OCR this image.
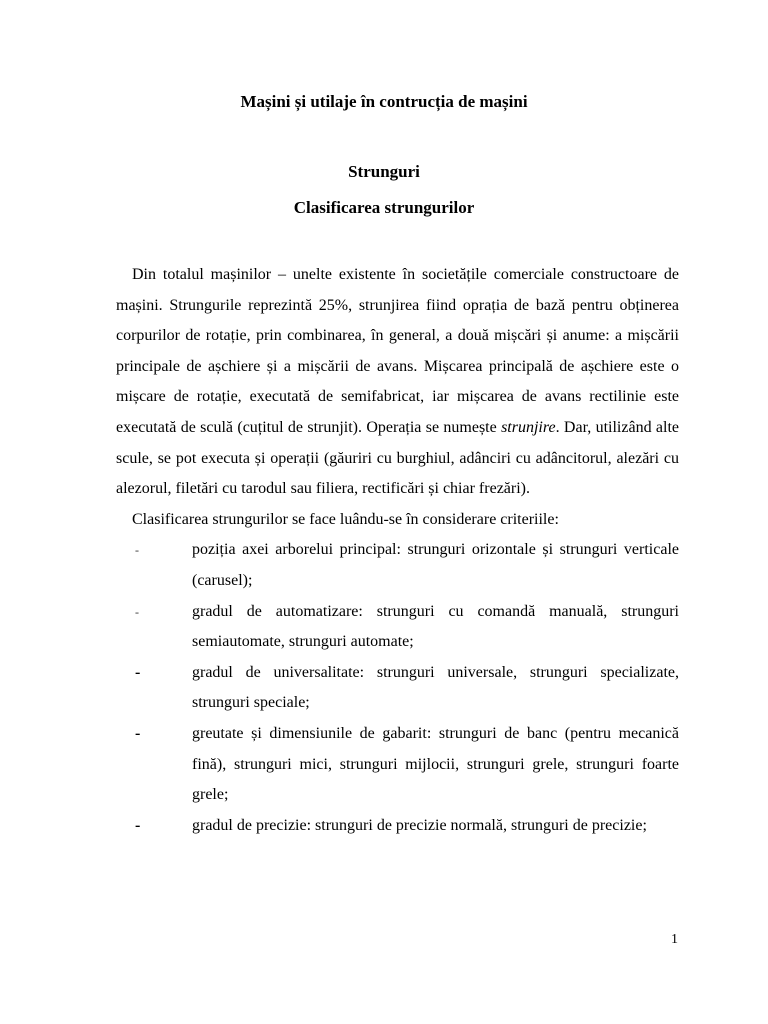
Mașini și utilaje în contrucția de mașini
Strunguri
Clasificarea strungurilor

Din totalul mașinilor – unelte existente în societățile comerciale constructoare de mașini. Strungurile reprezintă 25%, strunjirea fiind oprația de bază pentru obținerea corpurilor de rotație, prin combinarea, în general, a două mișcări și anume: a mișcării principale de așchiere și a mișcării de avans. Mișcarea principală de așchiere este o mișcare de rotație, executată de semifabricat, iar mișcarea de avans rectilinie este executată de sculă (cuțitul de strunjit). Operația se numește strunjire. Dar, utilizând alte scule, se pot executa și operații (găuriri cu burghiul, adânciri cu adâncitorul, alezări cu alezorul, filetări cu tarodul sau filiera, rectificări și chiar frezări).

Clasificarea strungurilor se face luându-se în considerare criteriile:

-	poziția axei arborelui principal: strunguri orizontale și strunguri verticale (carusel);
-	gradul de automatizare: strunguri cu comandă manuală, strunguri semiautomate, strunguri automate;
-	gradul de universalitate: strunguri universale, strunguri specializate, strunguri speciale;
-	greutate și dimensiunile de gabarit: strunguri de banc (pentru mecanică fină), strunguri mici, strunguri mijlocii, strunguri grele, strunguri foarte grele;
-	gradul de precizie: strunguri de precizie normală, strunguri de precizie;
1
